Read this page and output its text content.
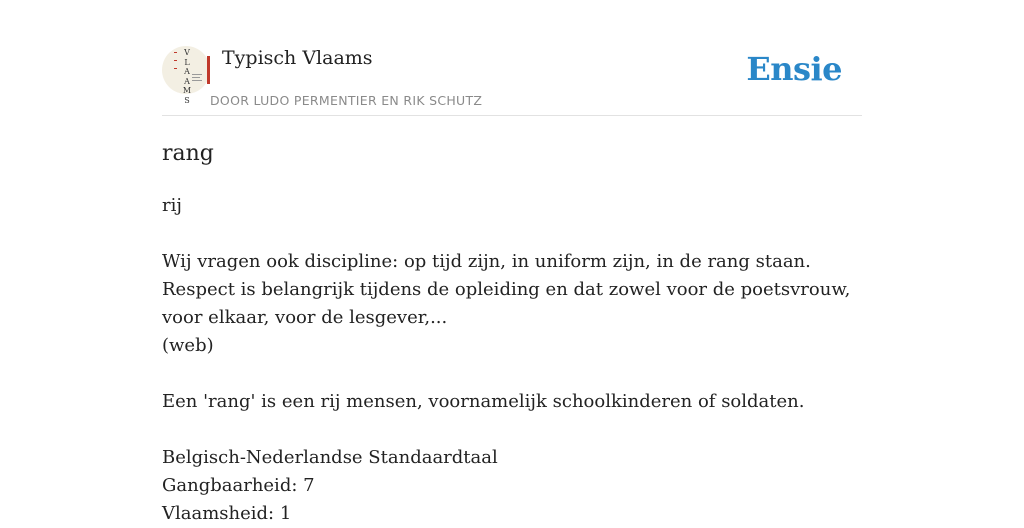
V
L
A
A
M
S
Typisch Vlaams
DOOR LUDO PERMENTIER EN RIK SCHUTZ
Ensie
rang

rij

Wij vragen ook discipline: op tijd zijn, in uniform zijn, in de rang staan. Respect is belangrijk tijdens de opleiding en dat zowel voor de poetsvrouw, voor elkaar, voor de lesgever,...

(web)

Een 'rang' is een rij mensen, voornamelijk schoolkinderen of soldaten.

Belgisch-Nederlandse Standaardtaal

Gangbaarheid: 7

Vlaamsheid: 1
